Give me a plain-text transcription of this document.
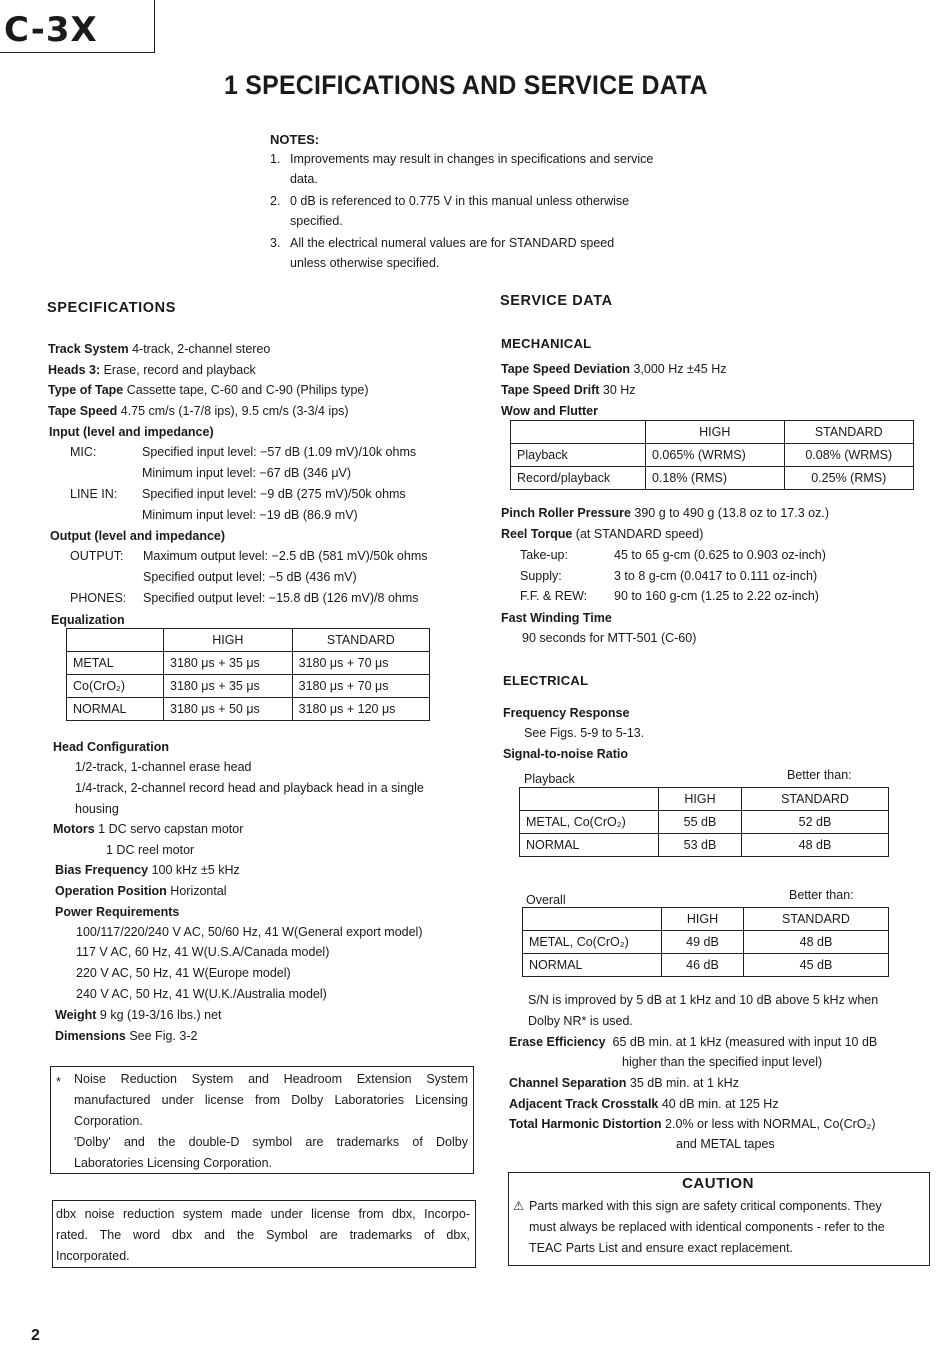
C-3X
1 SPECIFICATIONS AND SERVICE DATA
NOTES:
1. Improvements may result in changes in specifications and service
data.
2. 0 dB is referenced to 0.775 V in this manual unless otherwise
specified.
3. All the electrical numeral values are for STANDARD speed
unless otherwise specified.
SPECIFICATIONS
Track System 4-track, 2-channel stereo
Heads 3: Erase, record and playback
Type of Tape Cassette tape, C-60 and C-90 (Philips type)
Tape Speed 4.75 cm/s (1-7/8 ips), 9.5 cm/s (3-3/4 ips)
Input (level and impedance)
MIC:	Specified input level: −57 dB (1.09 mV)/10k ohms
Minimum input level: −67 dB (346 μV)
LINE IN: Specified input level: −9 dB (275 mV)/50k ohms
Minimum input level: −19 dB (86.9 mV)
Output (level and impedance)
OUTPUT: Maximum output level: −2.5 dB (581 mV)/50k ohms
Specified output level: −5 dB (436 mV)
PHONES: Specified output level: −15.8 dB (126 mV)/8 ohms
Equalization
	HIGH	STANDARD
METAL	3180 μs + 35 μs	3180 μs + 70 μs
Co(CrO₂)	3180 μs + 35 μs	3180 μs + 70 μs
NORMAL	3180 μs + 50 μs	3180 μs + 120 μs
Head Configuration
1/2-track, 1-channel erase head
1/4-track, 2-channel record head and playback head in a single
housing
Motors 1 DC servo capstan motor
1 DC reel motor
Bias Frequency 100 kHz ±5 kHz
Operation Position Horizontal
Power Requirements
100/117/220/240 V AC, 50/60 Hz, 41 W(General export model)
117 V AC, 60 Hz, 41 W(U.S.A/Canada model)
220 V AC, 50 Hz, 41 W(Europe model)
240 V AC, 50 Hz, 41 W(U.K./Australia model)
Weight 9 kg (19-3/16 lbs.) net
Dimensions See Fig. 3-2
* Noise Reduction System and Headroom Extension System
manufactured under license from Dolby Laboratories Licensing
Corporation.
'Dolby' and the double-D symbol are trademarks of Dolby
Laboratories Licensing Corporation.
dbx noise reduction system made under license from dbx, Incorpo-
rated. The word dbx and the Symbol are trademarks of dbx,
Incorporated.
SERVICE DATA
MECHANICAL
Tape Speed Deviation 3,000 Hz ±45 Hz
Tape Speed Drift 30 Hz
Wow and Flutter
	HIGH	STANDARD
Playback	0.065% (WRMS)	0.08% (WRMS)
Record/playback	0.18% (RMS)	0.25% (RMS)
Pinch Roller Pressure 390 g to 490 g (13.8 oz to 17.3 oz.)
Reel Torque (at STANDARD speed)
Take-up:	45 to 65 g-cm (0.625 to 0.903 oz-inch)
Supply:	3 to 8 g-cm (0.0417 to 0.111 oz-inch)
F.F. & REW: 90 to 160 g-cm (1.25 to 2.22 oz-inch)
Fast Winding Time
90 seconds for MTT-501 (C-60)
ELECTRICAL
Frequency Response
See Figs. 5-9 to 5-13.
Signal-to-noise Ratio
Playback	Better than:
	HIGH	STANDARD
METAL, Co(CrO₂)	55 dB	52 dB
NORMAL	53 dB	48 dB
Overall	Better than:
	HIGH	STANDARD
METAL, Co(CrO₂)	49 dB	48 dB
NORMAL	46 dB	45 dB
S/N is improved by 5 dB at 1 kHz and 10 dB above 5 kHz when
Dolby NR* is used.
Erase Efficiency 65 dB min. at 1 kHz (measured with input 10 dB
higher than the specified input level)
Channel Separation 35 dB min. at 1 kHz
Adjacent Track Crosstalk 40 dB min. at 125 Hz
Total Harmonic Distortion 2.0% or less with NORMAL, Co(CrO₂)
and METAL tapes
CAUTION
⚠ Parts marked with this sign are safety critical components. They
must always be replaced with identical components - refer to the
TEAC Parts List and ensure exact replacement.
2
